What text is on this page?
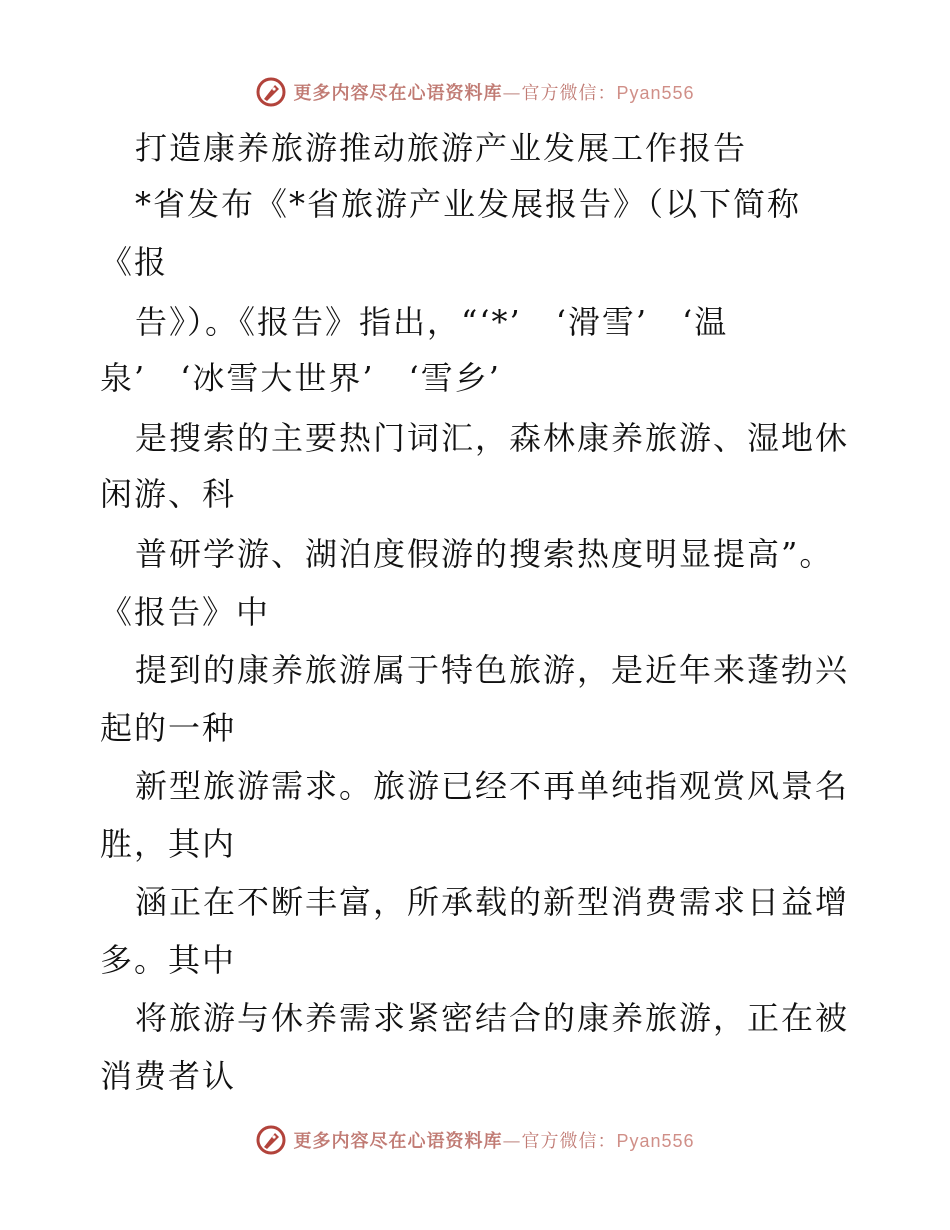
更多内容尽在心语资料库—官方微信：Pyan556
打造康养旅游推动旅游产业发展工作报告
*省发布《*省旅游产业发展报告》（以下简称
《报
告》）。《报告》指出，“‘*’　‘滑雪’　‘温
泉’　‘冰雪大世界’　‘雪乡’
是搜索的主要热门词汇，森林康养旅游、湿地休
闲游、科
普研学游、湖泊度假游的搜索热度明显提高”。
《报告》中
提到的康养旅游属于特色旅游，是近年来蓬勃兴
起的一种
新型旅游需求。旅游已经不再单纯指观赏风景名
胜，其内
涵正在不断丰富，所承载的新型消费需求日益增
多。其中
将旅游与休养需求紧密结合的康养旅游，正在被
消费者认
更多内容尽在心语资料库—官方微信：Pyan556
